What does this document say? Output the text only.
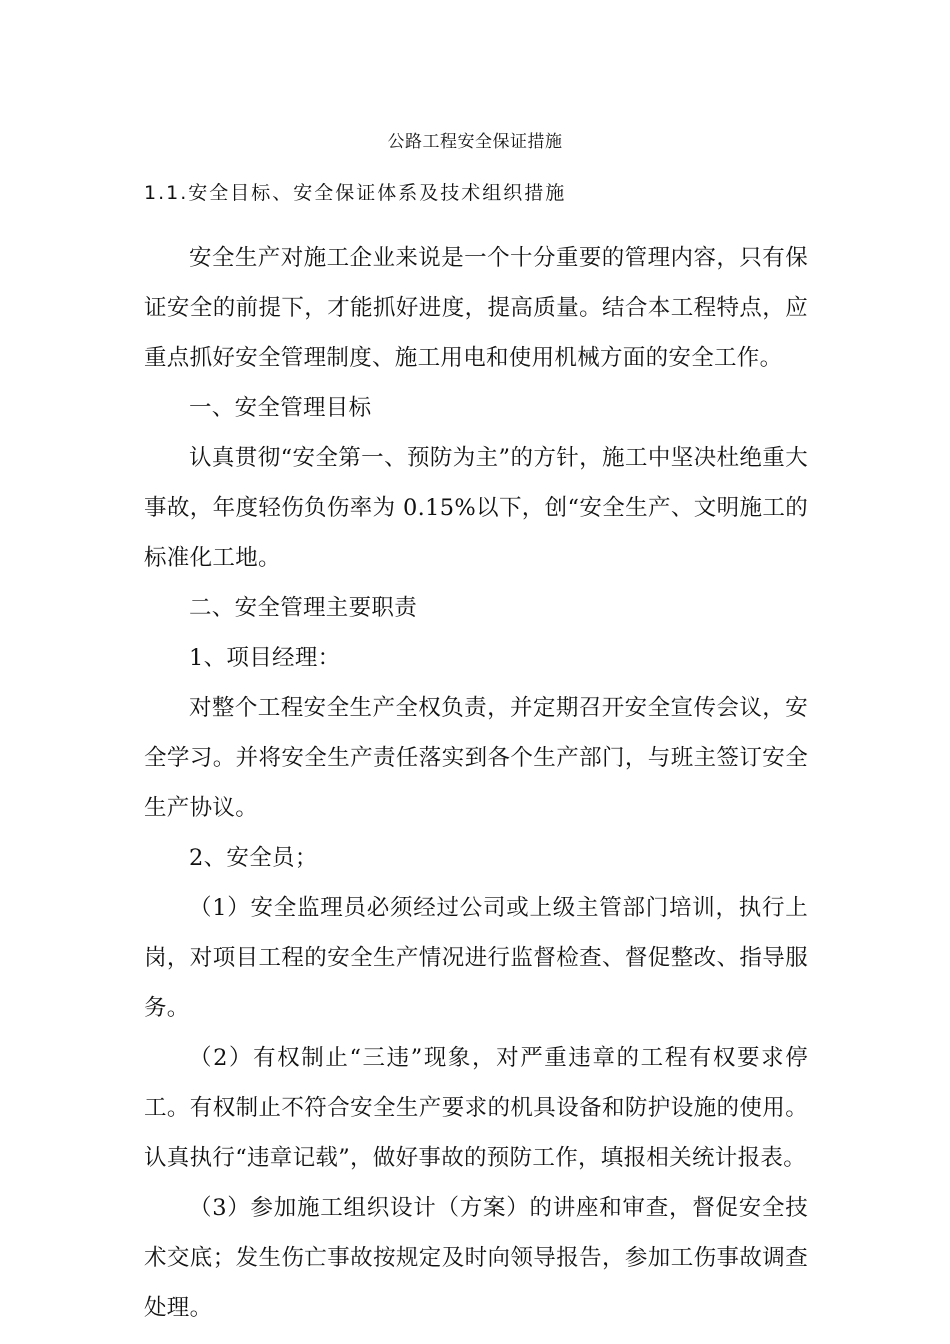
公路工程安全保证措施
1.1.安全目标、安全保证体系及技术组织措施

安全生产对施工企业来说是一个十分重要的管理内容，只有保证安全的前提下，才能抓好进度，提高质量。结合本工程特点，应重点抓好安全管理制度、施工用电和使用机械方面的安全工作。

一、安全管理目标

认真贯彻“安全第一、预防为主”的方针，施工中坚决杜绝重大事故，年度轻伤负伤率为 0.15%以下，创“安全生产、文明施工的标准化工地。

二、安全管理主要职责

1、项目经理：

对整个工程安全生产全权负责，并定期召开安全宣传会议，安全学习。并将安全生产责任落实到各个生产部门，与班主签订安全生产协议。

2、安全员；

（1）安全监理员必须经过公司或上级主管部门培训，执行上岗，对项目工程的安全生产情况进行监督检查、督促整改、指导服务。

（2）有权制止“三违”现象，对严重违章的工程有权要求停工。有权制止不符合安全生产要求的机具设备和防护设施的使用。认真执行“违章记载”，做好事故的预防工作，填报相关统计报表。

（3）参加施工组织设计（方案）的讲座和审查，督促安全技术交底；发生伤亡事故按规定及时向领导报告，参加工伤事故调查处理。
